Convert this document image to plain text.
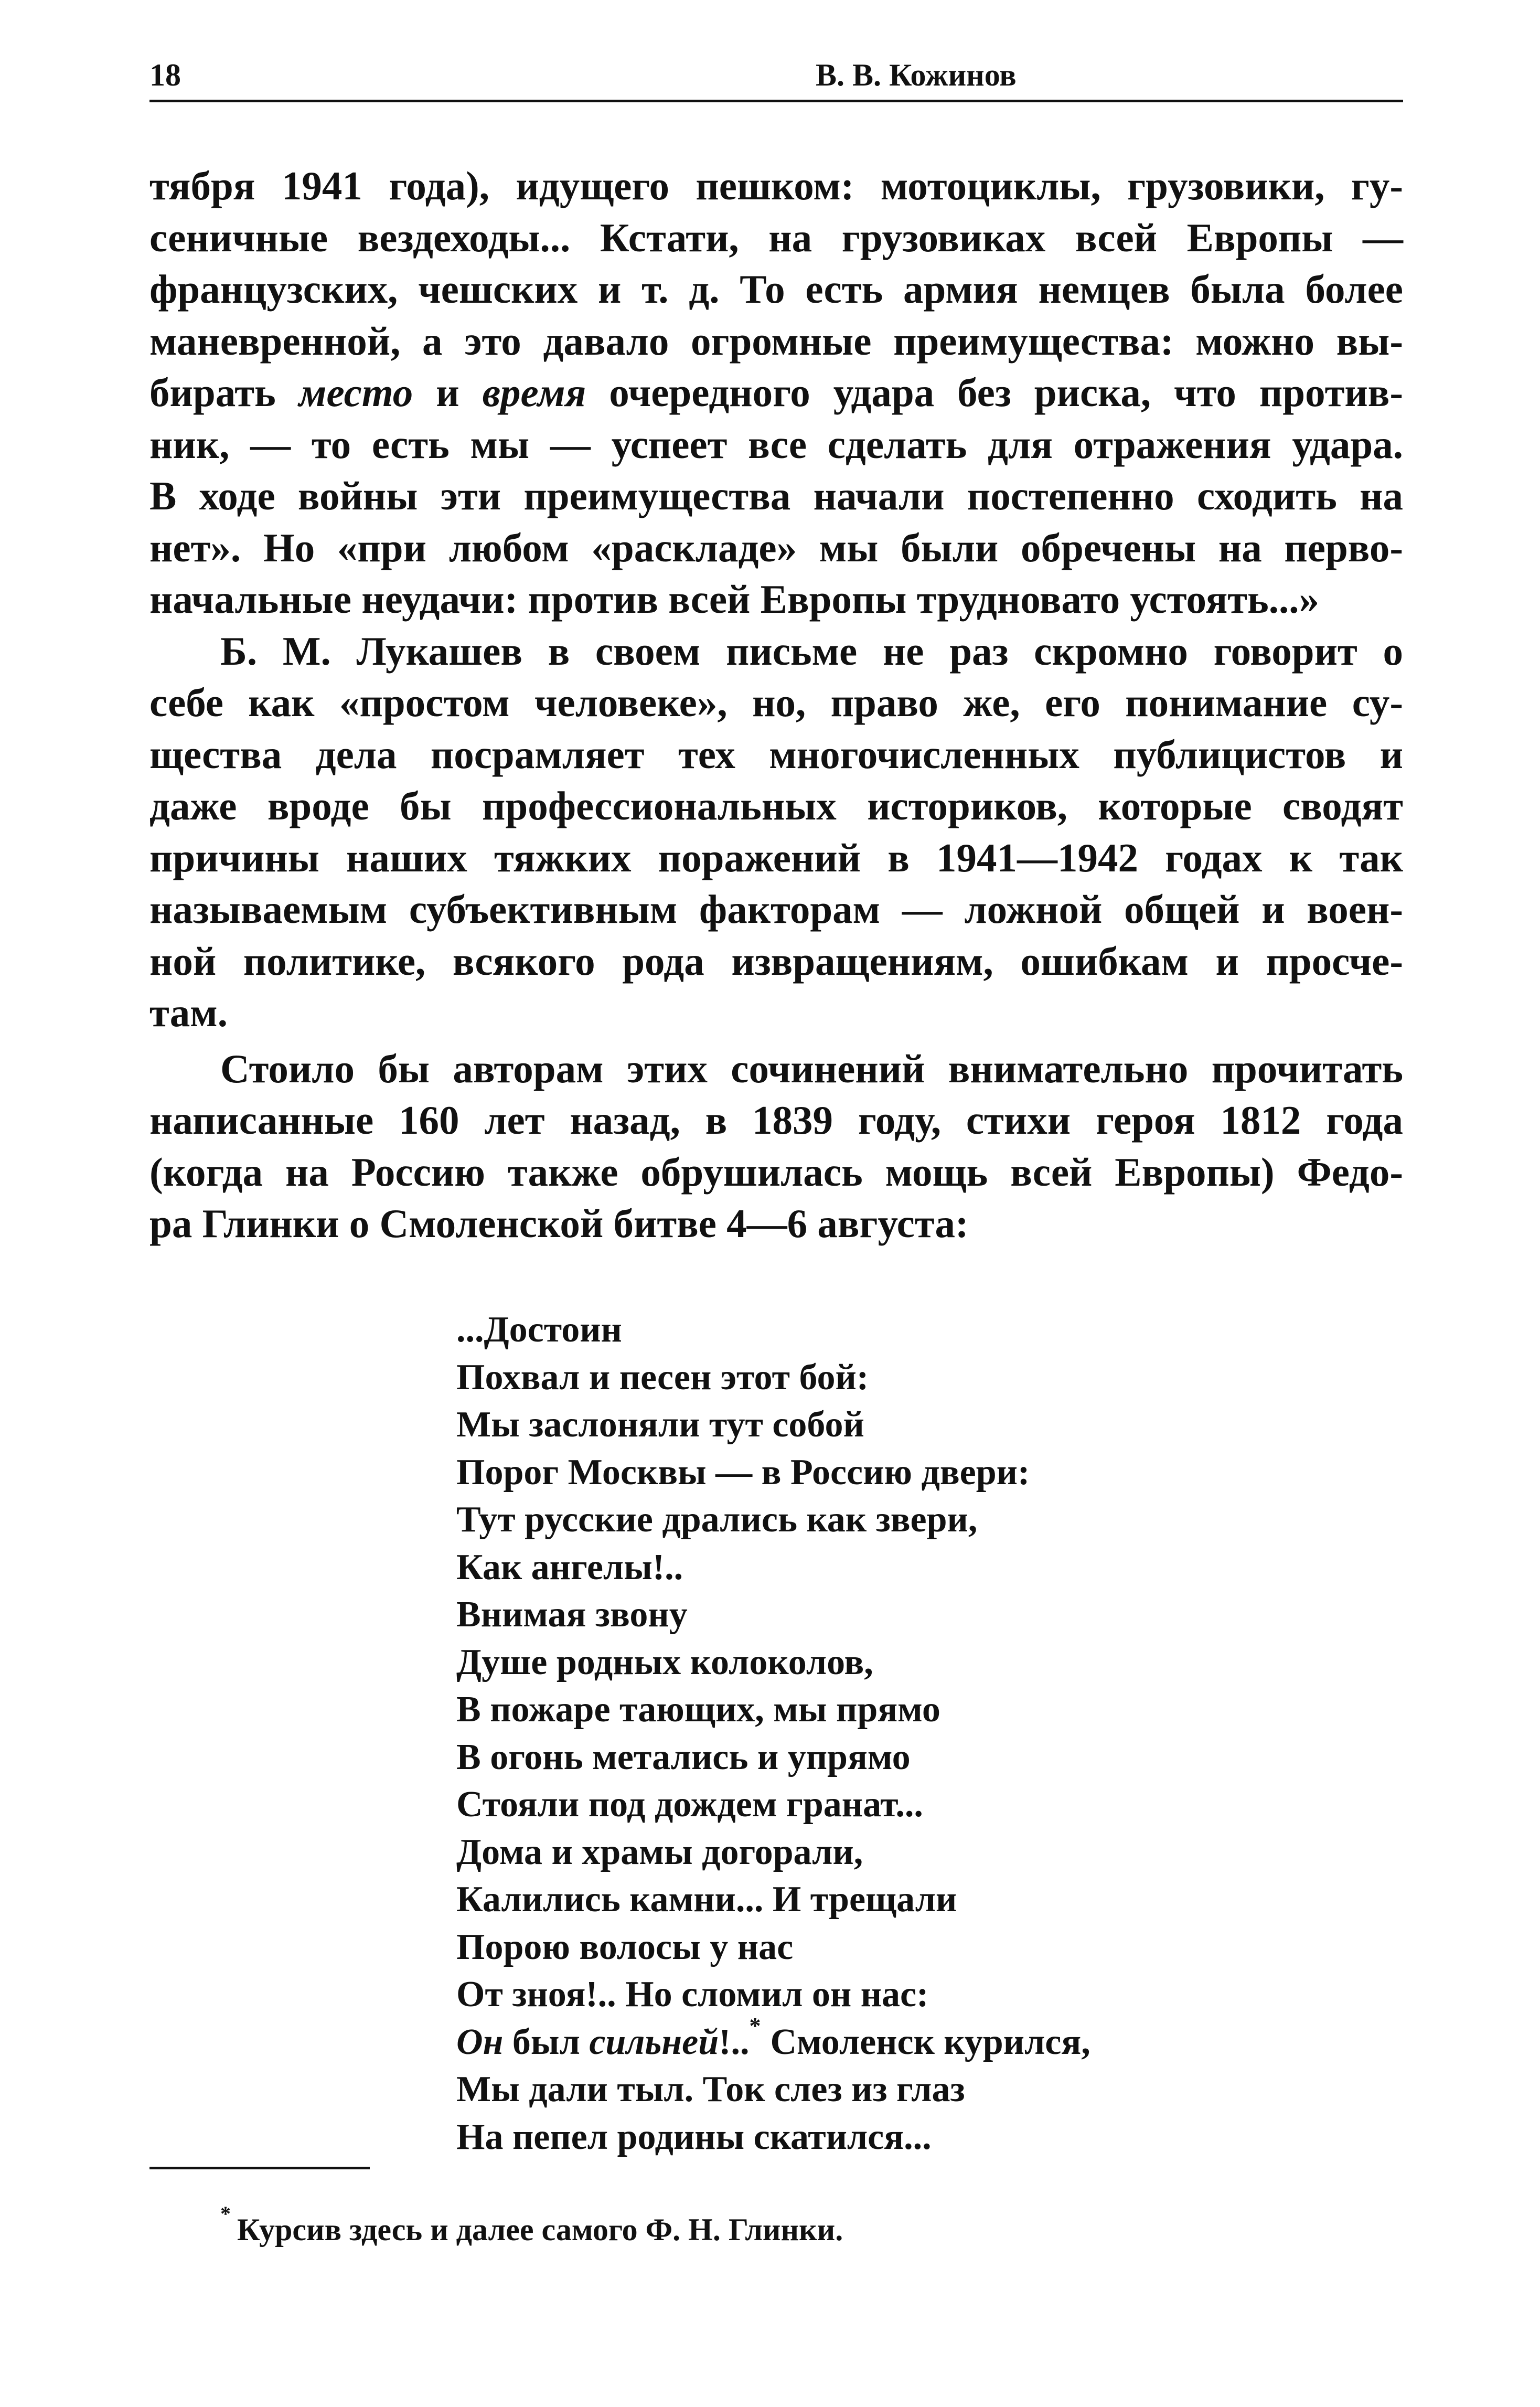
18	В. В. Кожинов
тября 1941 года), идущего пешком: мотоциклы, грузовики, гу-
сеничные вездеходы... Кстати, на грузовиках всей Европы —
французских, чешских и т. д. То есть армия немцев была более
маневренной, а это давало огромные преимущества: можно вы-
бирать место и время очередного удара без риска, что против-
ник, — то есть мы — успеет все сделать для отражения удара.
В ходе войны эти преимущества начали постепенно сходить на
нет». Но «при любом «раскладе» мы были обречены на перво-
начальные неудачи: против всей Европы трудновато устоять...»
Б. М. Лукашев в своем письме не раз скромно говорит о
себе как «простом человеке», но, право же, его понимание су-
щества дела посрамляет тех многочисленных публицистов и
даже вроде бы профессиональных историков, которые сводят
причины наших тяжких поражений в 1941—1942 годах к так
называемым субъективным факторам — ложной общей и воен-
ной политике, всякого рода извращениям, ошибкам и просче-
там.
Стоило бы авторам этих сочинений внимательно прочитать
написанные 160 лет назад, в 1839 году, стихи героя 1812 года
(когда на Россию также обрушилась мощь всей Европы) Федо-
ра Глинки о Смоленской битве 4—6 августа:
...Достоин
Похвал и песен этот бой:
Мы заслоняли тут собой
Порог Москвы — в Россию двери:
Тут русские дрались как звери,
Как ангелы!..
Внимая звону
Душе родных колоколов,
В пожаре тающих, мы прямо
В огонь метались и упрямо
Стояли под дождем гранат...
Дома и храмы догорали,
Калились камни... И трещали
Порою волосы у нас
От зноя!.. Но сломил он нас:
Он был сильней!..* Смоленск курился,
Мы дали тыл. Ток слез из глаз
На пепел родины скатился...
* Курсив здесь и далее самого Ф. Н. Глинки.
